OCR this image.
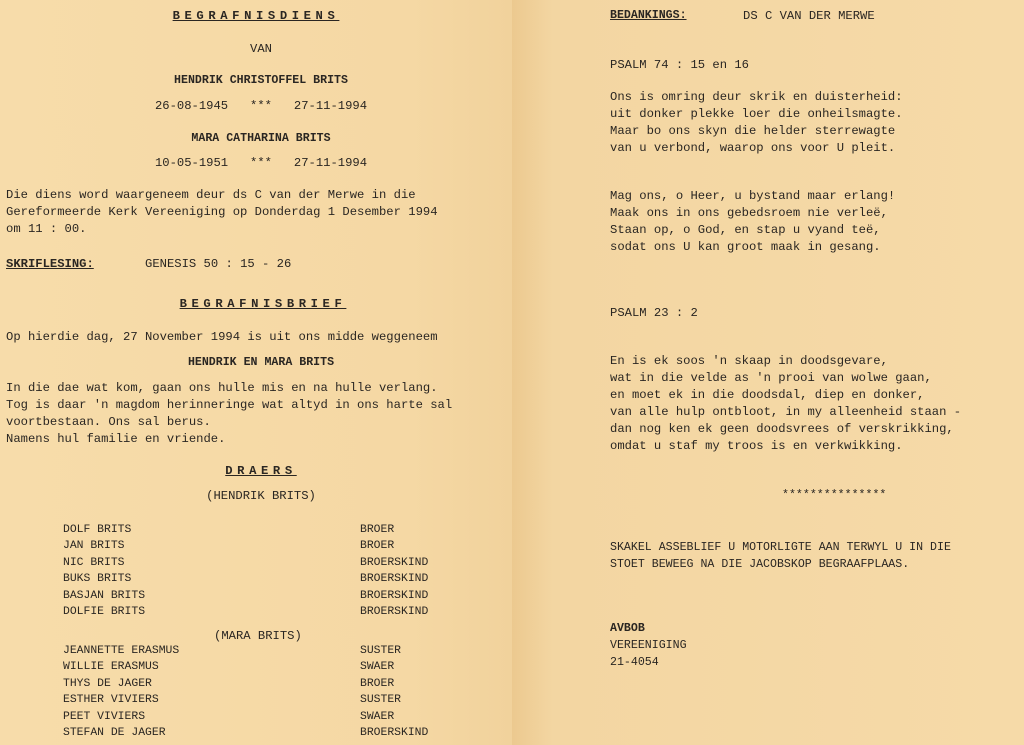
BEGRAFNISDIENS
VAN
HENDRIK CHRISTOFFEL BRITS
26-08-1945   ***   27-11-1994
MARA CATHARINA BRITS
10-05-1951   ***   27-11-1994
Die diens word waargeneem deur ds C van der Merwe in die
Gereformeerde Kerk Vereeniging op Donderdag 1 Desember 1994
om 11 : 00.
SKRIFLESING:	GENESIS 50 : 15 - 26
BEGRAFNISBRIEF
Op hierdie dag, 27 November 1994 is uit ons midde weggeneem
HENDRIK EN MARA BRITS
In die dae wat kom, gaan ons hulle mis en na hulle verlang.
Tog is daar 'n magdom herinneringe wat altyd in ons harte sal
voortbestaan. Ons sal berus.
Namens hul familie en vriende.
DRAERS
(HENDRIK BRITS)
DOLF BRITS
JAN BRITS
NIC BRITS
BUKS BRITS
BASJAN BRITS
DOLFIE BRITS
BROER
BROER
BROERSKIND
BROERSKIND
BROERSKIND
BROERSKIND
(MARA BRITS)
JEANNETTE ERASMUS
WILLIE ERASMUS
THYS DE JAGER
ESTHER VIVIERS
PEET VIVIERS
STEFAN DE JAGER
SUSTER
SWAER
BROER
SUSTER
SWAER
BROERSKIND
BEDANKINGS:	DS C VAN DER MERWE
PSALM 74 : 15 en 16
Ons is omring deur skrik en duisterheid:
uit donker plekke loer die onheilsmagte.
Maar bo ons skyn die helder sterrewagte
van u verbond, waarop ons voor U pleit.
Mag ons, o Heer, u bystand maar erlang!
Maak ons in ons gebedsroem nie verleë,
Staan op, o God, en stap u vyand teë,
sodat ons U kan groot maak in gesang.
PSALM 23 : 2
En is ek soos 'n skaap in doodsgevare,
wat in die velde as 'n prooi van wolwe gaan,
en moet ek in die doodsdal, diep en donker,
van alle hulp ontbloot, in my alleenheid staan -
dan nog ken ek geen doodsvrees of verskrikking,
omdat u staf my troos is en verkwikking.
***************
SKAKEL ASSEBLIEF U MOTORLIGTE AAN TERWYL U IN DIE
STOET BEWEEG NA DIE JACOBSKOP BEGRAAFPLAAS.
AVBOB
VEREENIGING
21-4054
